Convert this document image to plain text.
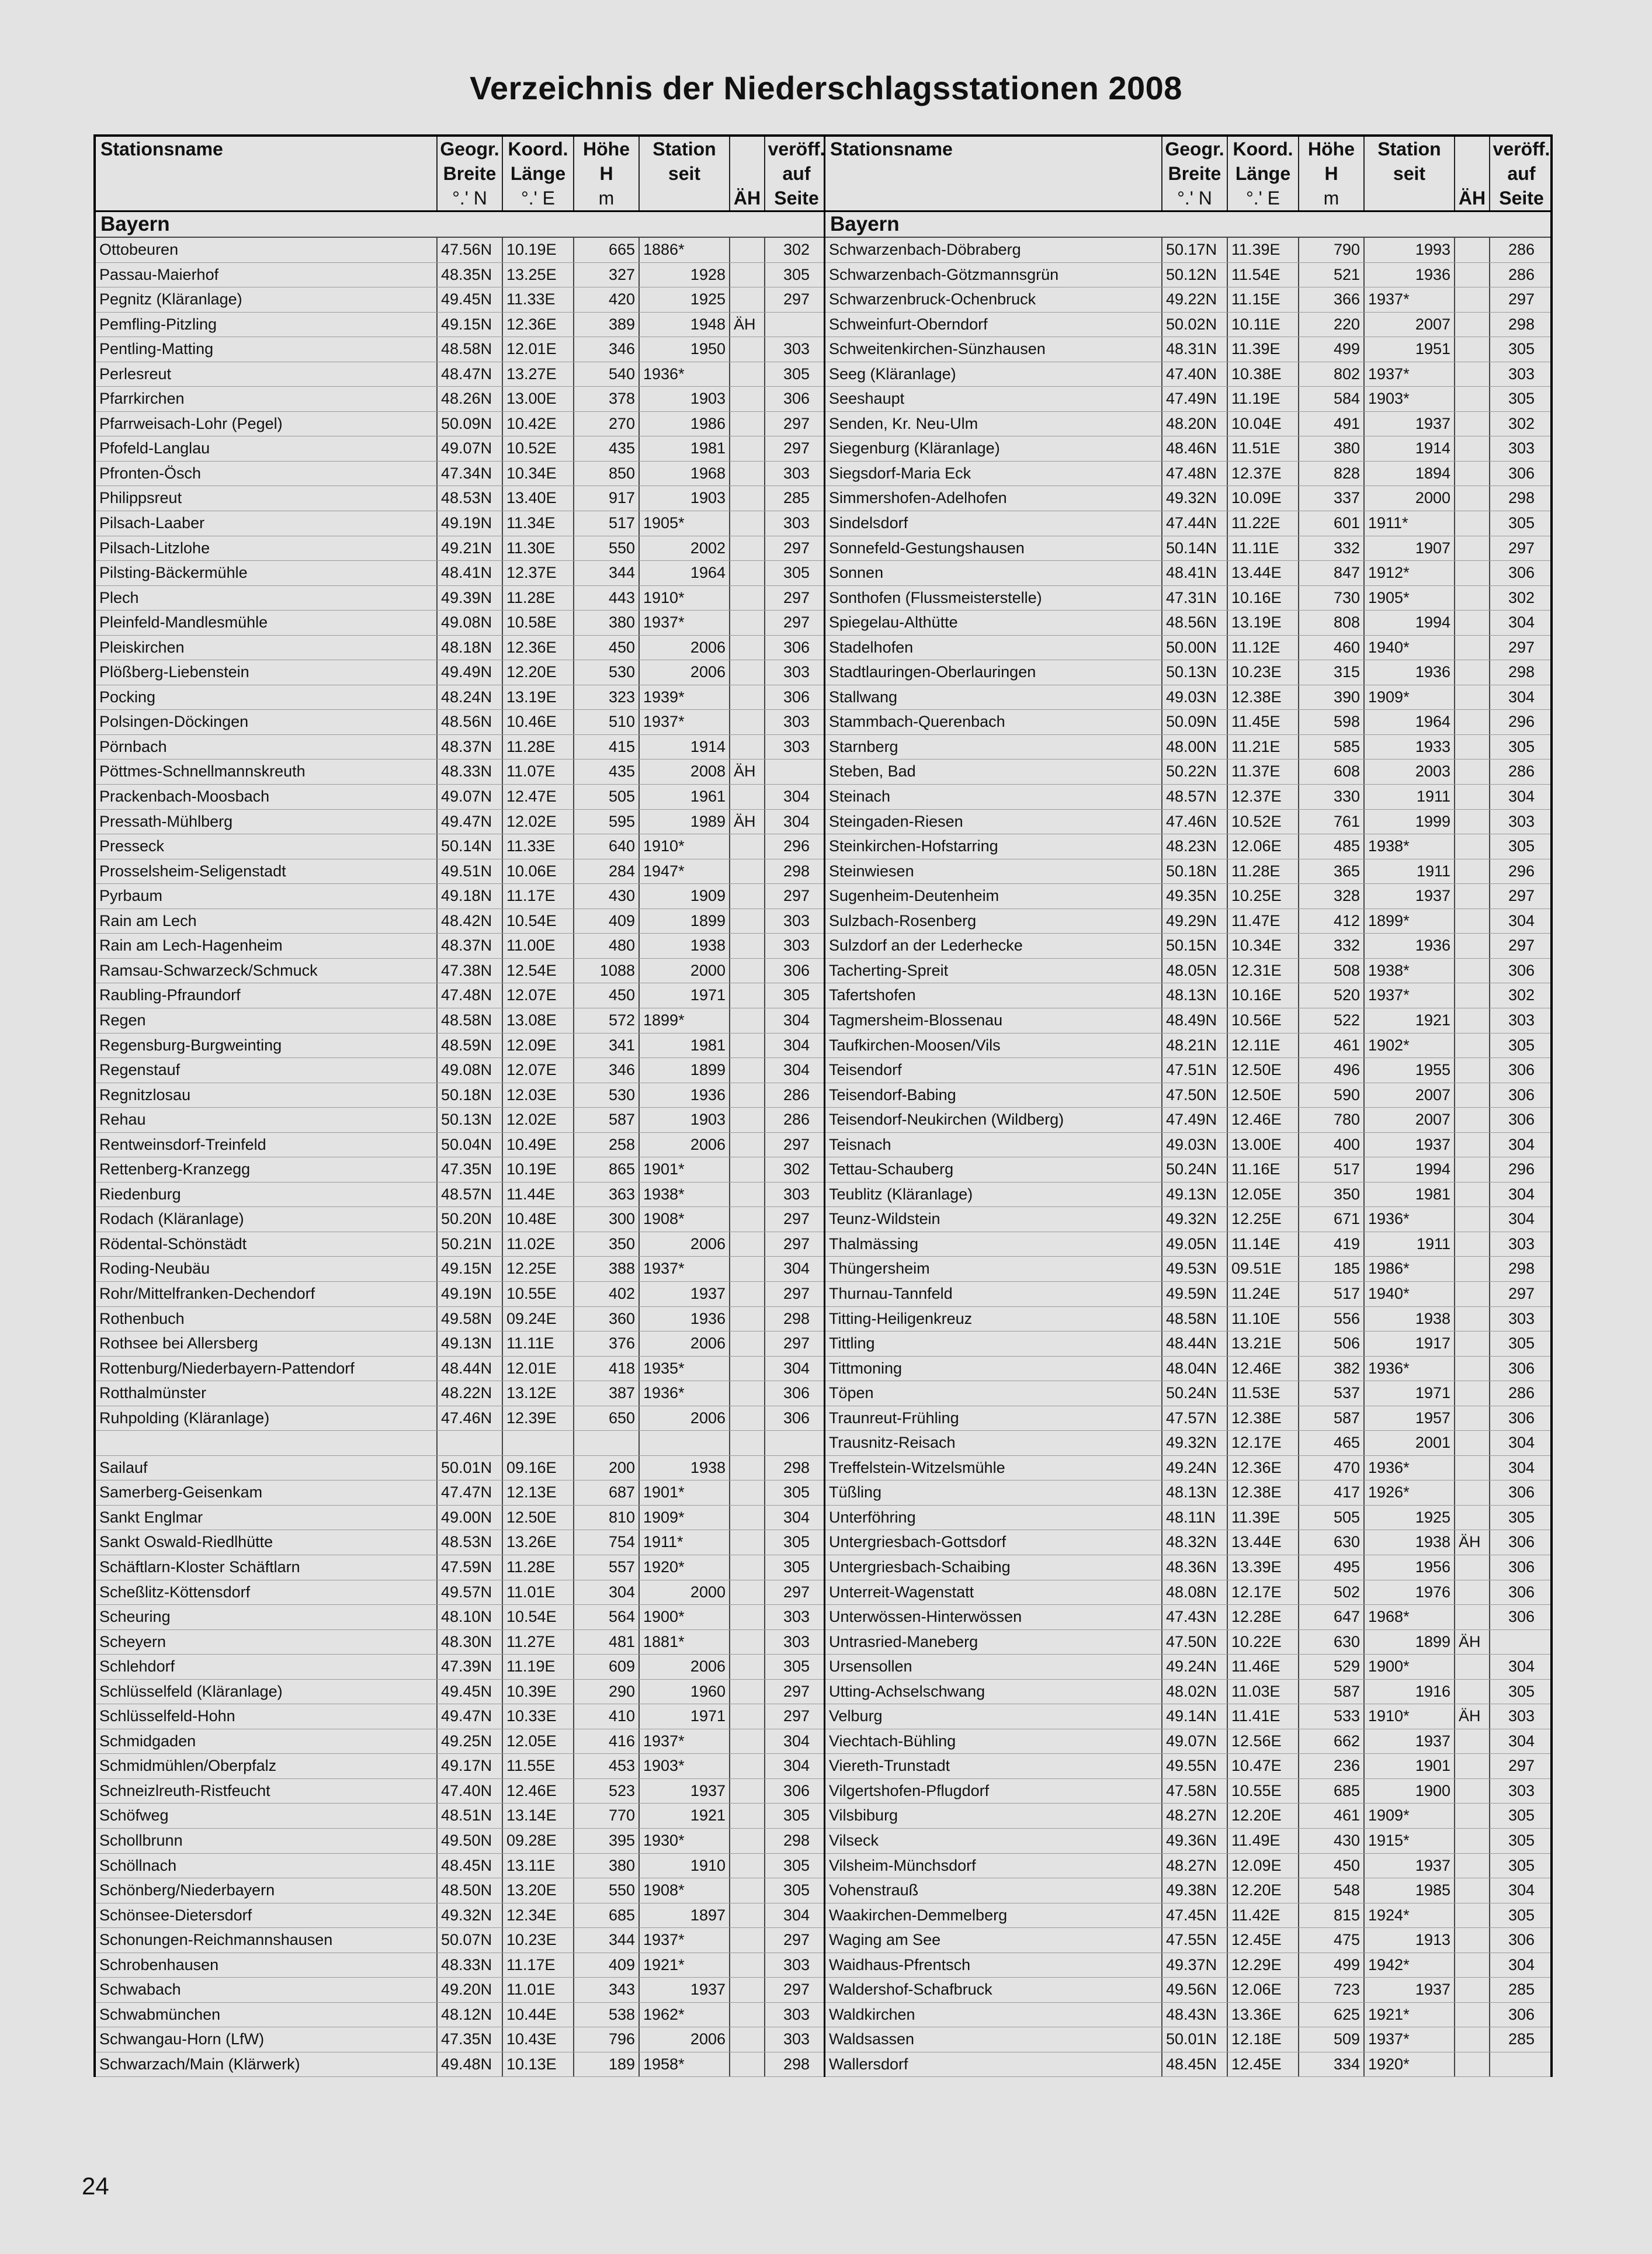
Verzeichnis der Niederschlagsstationen 2008
Stationsname	Geogr. Koord. Höhe	Station	veröff.
Breite Länge	H	seit	auf
°.' N	°.' E	m	ÄH Seite
Bayern
Ottobeuren	47.56N 10.19E	665 1886*	302
Passau-Maierhof	48.35N 13.25E	327	1928	305
Pegnitz (Kläranlage)	49.45N 11.33E	420	1925	297
Pemfling-Pitzling	49.15N 12.36E	389	1948 ÄH
Pentling-Matting	48.58N 12.01E	346	1950	303
Perlesreut	48.47N 13.27E	540 1936*	305
Pfarrkirchen	48.26N 13.00E	378	1903	306
Pfarrweisach-Lohr (Pegel)	50.09N 10.42E	270	1986	297
Pfofeld-Langlau	49.07N 10.52E	435	1981	297
Pfronten-Ösch	47.34N 10.34E	850	1968	303
Philippsreut	48.53N 13.40E	917	1903	285
Pilsach-Laaber	49.19N 11.34E	517 1905*	303
Pilsach-Litzlohe	49.21N 11.30E	550	2002	297
Pilsting-Bäckermühle	48.41N 12.37E	344	1964	305
Plech	49.39N 11.28E	443 1910*	297
Pleinfeld-Mandlesmühle	49.08N 10.58E	380 1937*	297
Pleiskirchen	48.18N 12.36E	450	2006	306
Plößberg-Liebenstein	49.49N 12.20E	530	2006	303
Pocking	48.24N 13.19E	323 1939*	306
Polsingen-Döckingen	48.56N 10.46E	510 1937*	303
Pörnbach	48.37N 11.28E	415	1914	303
Pöttmes-Schnellmannskreuth	48.33N 11.07E	435	2008 ÄH
Prackenbach-Moosbach	49.07N 12.47E	505	1961	304
Pressath-Mühlberg	49.47N 12.02E	595	1989 ÄH	304
Presseck	50.14N 11.33E	640 1910*	296
Prosselsheim-Seligenstadt	49.51N 10.06E	284 1947*	298
Pyrbaum	49.18N 11.17E	430	1909	297
Rain am Lech	48.42N 10.54E	409	1899	303
Rain am Lech-Hagenheim	48.37N 11.00E	480	1938	303
Ramsau-Schwarzeck/Schmuck	47.38N 12.54E	1088	2000	306
Raubling-Pfraundorf	47.48N 12.07E	450	1971	305
Regen	48.58N 13.08E	572 1899*	304
Regensburg-Burgweinting	48.59N 12.09E	341	1981	304
Regenstauf	49.08N 12.07E	346	1899	304
Regnitzlosau	50.18N 12.03E	530	1936	286
Rehau	50.13N 12.02E	587	1903	286
Rentweinsdorf-Treinfeld	50.04N 10.49E	258	2006	297
Rettenberg-Kranzegg	47.35N 10.19E	865 1901*	302
Riedenburg	48.57N 11.44E	363 1938*	303
Rodach (Kläranlage)	50.20N 10.48E	300 1908*	297
Rödental-Schönstädt	50.21N 11.02E	350	2006	297
Roding-Neubäu	49.15N 12.25E	388 1937*	304
Rohr/Mittelfranken-Dechendorf	49.19N 10.55E	402	1937	297
Rothenbuch	49.58N 09.24E	360	1936	298
Rothsee bei Allersberg	49.13N 11.11E	376	2006	297
Rottenburg/Niederbayern-Pattendorf	48.44N 12.01E	418 1935*	304
Rotthalmünster	48.22N 13.12E	387 1936*	306
Ruhpolding (Kläranlage)	47.46N 12.39E	650	2006	306
Sailauf	50.01N 09.16E	200	1938	298
Samerberg-Geisenkam	47.47N 12.13E	687 1901*	305
Sankt Englmar	49.00N 12.50E	810 1909*	304
Sankt Oswald-Riedlhütte	48.53N 13.26E	754 1911*	305
Schäftlarn-Kloster Schäftlarn	47.59N 11.28E	557 1920*	305
Scheßlitz-Köttensdorf	49.57N 11.01E	304	2000	297
Scheuring	48.10N 10.54E	564 1900*	303
Scheyern	48.30N 11.27E	481 1881*	303
Schlehdorf	47.39N 11.19E	609	2006	305
Schlüsselfeld (Kläranlage)	49.45N 10.39E	290	1960	297
Schlüsselfeld-Hohn	49.47N 10.33E	410	1971	297
Schmidgaden	49.25N 12.05E	416 1937*	304
Schmidmühlen/Oberpfalz	49.17N 11.55E	453 1903*	304
Schneizlreuth-Ristfeucht	47.40N 12.46E	523	1937	306
Schöfweg	48.51N 13.14E	770	1921	305
Schollbrunn	49.50N 09.28E	395 1930*	298
Schöllnach	48.45N 13.11E	380	1910	305
Schönberg/Niederbayern	48.50N 13.20E	550 1908*	305
Schönsee-Dietersdorf	49.32N 12.34E	685	1897	304
Schonungen-Reichmannshausen	50.07N 10.23E	344 1937*	297
Schrobenhausen	48.33N 11.17E	409 1921*	303
Schwabach	49.20N 11.01E	343	1937	297
Schwabmünchen	48.12N 10.44E	538 1962*	303
Schwangau-Horn (LfW)	47.35N 10.43E	796	2006	303
Schwarzach/Main (Klärwerk)	49.48N 10.13E	189 1958*	298
Stationsname	Geogr. Koord. Höhe	Station	veröff.
Breite Länge	H	seit	auf
°.' N	°.' E	m	ÄH Seite
Bayern
Schwarzenbach-Döbraberg	50.17N 11.39E	790	1993	286
Schwarzenbach-Götzmannsgrün	50.12N 11.54E	521	1936	286
Schwarzenbruck-Ochenbruck	49.22N 11.15E	366 1937*	297
Schweinfurt-Oberndorf	50.02N 10.11E	220	2007	298
Schweitenkirchen-Sünzhausen	48.31N 11.39E	499	1951	305
Seeg (Kläranlage)	47.40N 10.38E	802 1937*	303
Seeshaupt	47.49N 11.19E	584 1903*	305
Senden, Kr. Neu-Ulm	48.20N 10.04E	491	1937	302
Siegenburg (Kläranlage)	48.46N 11.51E	380	1914	303
Siegsdorf-Maria Eck	47.48N 12.37E	828	1894	306
Simmershofen-Adelhofen	49.32N 10.09E	337	2000	298
Sindelsdorf	47.44N 11.22E	601 1911*	305
Sonnefeld-Gestungshausen	50.14N 11.11E	332	1907	297
Sonnen	48.41N 13.44E	847 1912*	306
Sonthofen (Flussmeisterstelle)	47.31N 10.16E	730 1905*	302
Spiegelau-Althütte	48.56N 13.19E	808	1994	304
Stadelhofen	50.00N 11.12E	460 1940*	297
Stadtlauringen-Oberlauringen	50.13N 10.23E	315	1936	298
Stallwang	49.03N 12.38E	390 1909*	304
Stammbach-Querenbach	50.09N 11.45E	598	1964	296
Starnberg	48.00N 11.21E	585	1933	305
Steben, Bad	50.22N 11.37E	608	2003	286
Steinach	48.57N 12.37E	330	1911	304
Steingaden-Riesen	47.46N 10.52E	761	1999	303
Steinkirchen-Hofstarring	48.23N 12.06E	485 1938*	305
Steinwiesen	50.18N 11.28E	365	1911	296
Sugenheim-Deutenheim	49.35N 10.25E	328	1937	297
Sulzbach-Rosenberg	49.29N 11.47E	412 1899*	304
Sulzdorf an der Lederhecke	50.15N 10.34E	332	1936	297
Tacherting-Spreit	48.05N 12.31E	508 1938*	306
Tafertshofen	48.13N 10.16E	520 1937*	302
Tagmersheim-Blossenau	48.49N 10.56E	522	1921	303
Taufkirchen-Moosen/Vils	48.21N 12.11E	461 1902*	305
Teisendorf	47.51N 12.50E	496	1955	306
Teisendorf-Babing	47.50N 12.50E	590	2007	306
Teisendorf-Neukirchen (Wildberg)	47.49N 12.46E	780	2007	306
Teisnach	49.03N 13.00E	400	1937	304
Tettau-Schauberg	50.24N 11.16E	517	1994	296
Teublitz (Kläranlage)	49.13N 12.05E	350	1981	304
Teunz-Wildstein	49.32N 12.25E	671 1936*	304
Thalmässing	49.05N 11.14E	419	1911	303
Thüngersheim	49.53N 09.51E	185 1986*	298
Thurnau-Tannfeld	49.59N 11.24E	517 1940*	297
Titting-Heiligenkreuz	48.58N 11.10E	556	1938	303
Tittling	48.44N 13.21E	506	1917	305
Tittmoning	48.04N 12.46E	382 1936*	306
Töpen	50.24N 11.53E	537	1971	286
Traunreut-Frühling	47.57N 12.38E	587	1957	306
Trausnitz-Reisach	49.32N 12.17E	465	2001	304
Treffelstein-Witzelsmühle	49.24N 12.36E	470 1936*	304
Tüßling	48.13N 12.38E	417 1926*	306
Unterföhring	48.11N 11.39E	505	1925	305
Untergriesbach-Gottsdorf	48.32N 13.44E	630	1938 ÄH	306
Untergriesbach-Schaibing	48.36N 13.39E	495	1956	306
Unterreit-Wagenstatt	48.08N 12.17E	502	1976	306
Unterwössen-Hinterwössen	47.43N 12.28E	647 1968*	306
Untrasried-Maneberg	47.50N 10.22E	630	1899 ÄH
Ursensollen	49.24N 11.46E	529 1900*	304
Utting-Achselschwang	48.02N 11.03E	587	1916	305
Velburg	49.14N 11.41E	533 1910*	ÄH	303
Viechtach-Bühling	49.07N 12.56E	662	1937	304
Viereth-Trunstadt	49.55N 10.47E	236	1901	297
Vilgertshofen-Pflugdorf	47.58N 10.55E	685	1900	303
Vilsbiburg	48.27N 12.20E	461 1909*	305
Vilseck	49.36N 11.49E	430 1915*	305
Vilsheim-Münchsdorf	48.27N 12.09E	450	1937	305
Vohenstrauß	49.38N 12.20E	548	1985	304
Waakirchen-Demmelberg	47.45N 11.42E	815 1924*	305
Waging am See	47.55N 12.45E	475	1913	306
Waidhaus-Pfrentsch	49.37N 12.29E	499 1942*	304
Waldershof-Schafbruck	49.56N 12.06E	723	1937	285
Waldkirchen	48.43N 13.36E	625 1921*	306
Waldsassen	50.01N 12.18E	509 1937*	285
Wallersdorf	48.45N 12.45E	334 1920*
24
